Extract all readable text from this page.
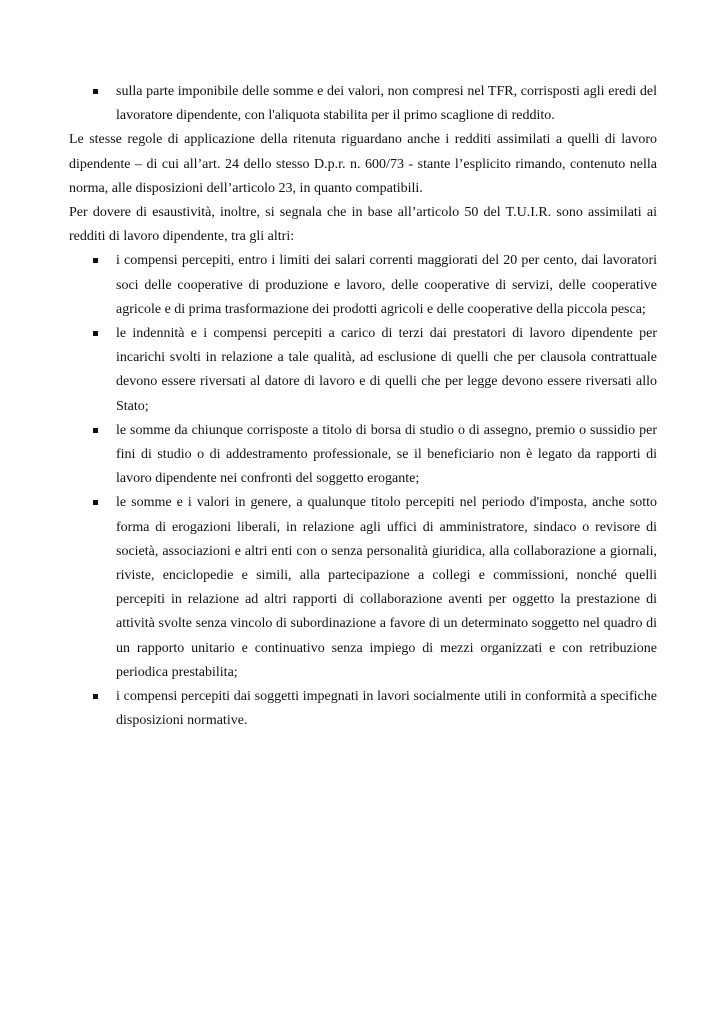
sulla parte imponibile delle somme e dei valori, non compresi nel TFR, corrisposti agli eredi del lavoratore dipendente, con l'aliquota stabilita per il primo scaglione di reddito.

Le stesse regole di applicazione della ritenuta riguardano anche i redditi assimilati a quelli di lavoro dipendente – di cui all’art. 24 dello stesso D.p.r. n. 600/73 - stante l’esplicito rimando, contenuto nella norma, alle disposizioni dell’articolo 23, in quanto compatibili.

Per dovere di esaustività, inoltre, si segnala che in base all’articolo 50 del T.U.I.R. sono assimilati ai redditi di lavoro dipendente, tra gli altri:

i compensi percepiti, entro i limiti dei salari correnti maggiorati del 20 per cento, dai lavoratori soci delle cooperative di produzione e lavoro, delle cooperative di servizi, delle cooperative agricole e di prima trasformazione dei prodotti agricoli e delle cooperative della piccola pesca;
le indennità e i compensi percepiti a carico di terzi dai prestatori di lavoro dipendente per incarichi svolti in relazione a tale qualità, ad esclusione di quelli che per clausola contrattuale devono essere riversati al datore di lavoro e di quelli che per legge devono essere riversati allo Stato;
le somme da chiunque corrisposte a titolo di borsa di studio o di assegno, premio o sussidio per fini di studio o di addestramento professionale, se il beneficiario non è legato da rapporti di lavoro dipendente nei confronti del soggetto erogante;
le somme e i valori in genere, a qualunque titolo percepiti nel periodo d'imposta, anche sotto forma di erogazioni liberali, in relazione agli uffici di amministratore, sindaco o revisore di società, associazioni e altri enti con o senza personalità giuridica, alla collaborazione a giornali, riviste, enciclopedie e simili, alla partecipazione a collegi e commissioni, nonché quelli percepiti in relazione ad altri rapporti di collaborazione aventi per oggetto la prestazione di attività svolte senza vincolo di subordinazione a favore di un determinato soggetto nel quadro di un rapporto unitario e continuativo senza impiego di mezzi organizzati e con retribuzione periodica prestabilita;
i compensi percepiti dai soggetti impegnati in lavori socialmente utili in conformità a specifiche disposizioni normative.
